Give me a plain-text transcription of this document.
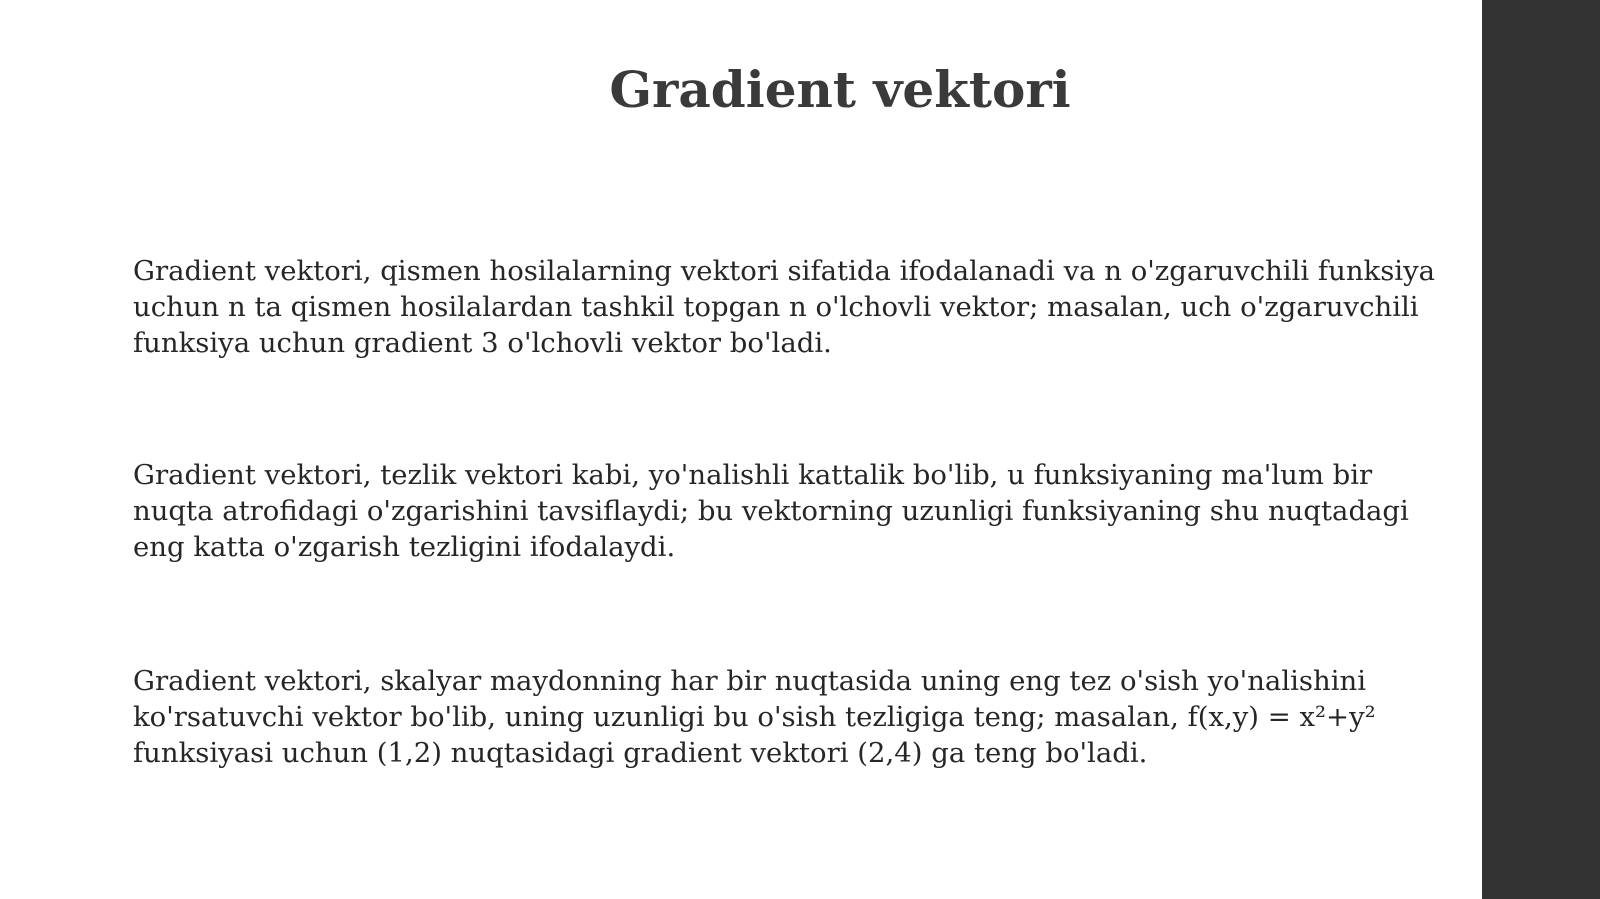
Gradient vektori

Gradient vektori, qismen hosilalarning vektori sifatida ifodalanadi va n o'zgaruvchili funksiya
uchun n ta qismen hosilalardan tashkil topgan n o'lchovli vektor; masalan, uch o'zgaruvchili
funksiya uchun gradient 3 o'lchovli vektor bo'ladi.

Gradient vektori, tezlik vektori kabi, yo'nalishli kattalik bo'lib, u funksiyaning ma'lum bir
nuqta atrofidagi o'zgarishini tavsiflaydi; bu vektorning uzunligi funksiyaning shu nuqtadagi
eng katta o'zgarish tezligini ifodalaydi.

Gradient vektori, skalyar maydonning har bir nuqtasida uning eng tez o'sish yo'nalishini
ko'rsatuvchi vektor bo'lib, uning uzunligi bu o'sish tezligiga teng; masalan, f(x,y) = x²+y²
funksiyasi uchun (1,2) nuqtasidagi gradient vektori (2,4) ga teng bo'ladi.
